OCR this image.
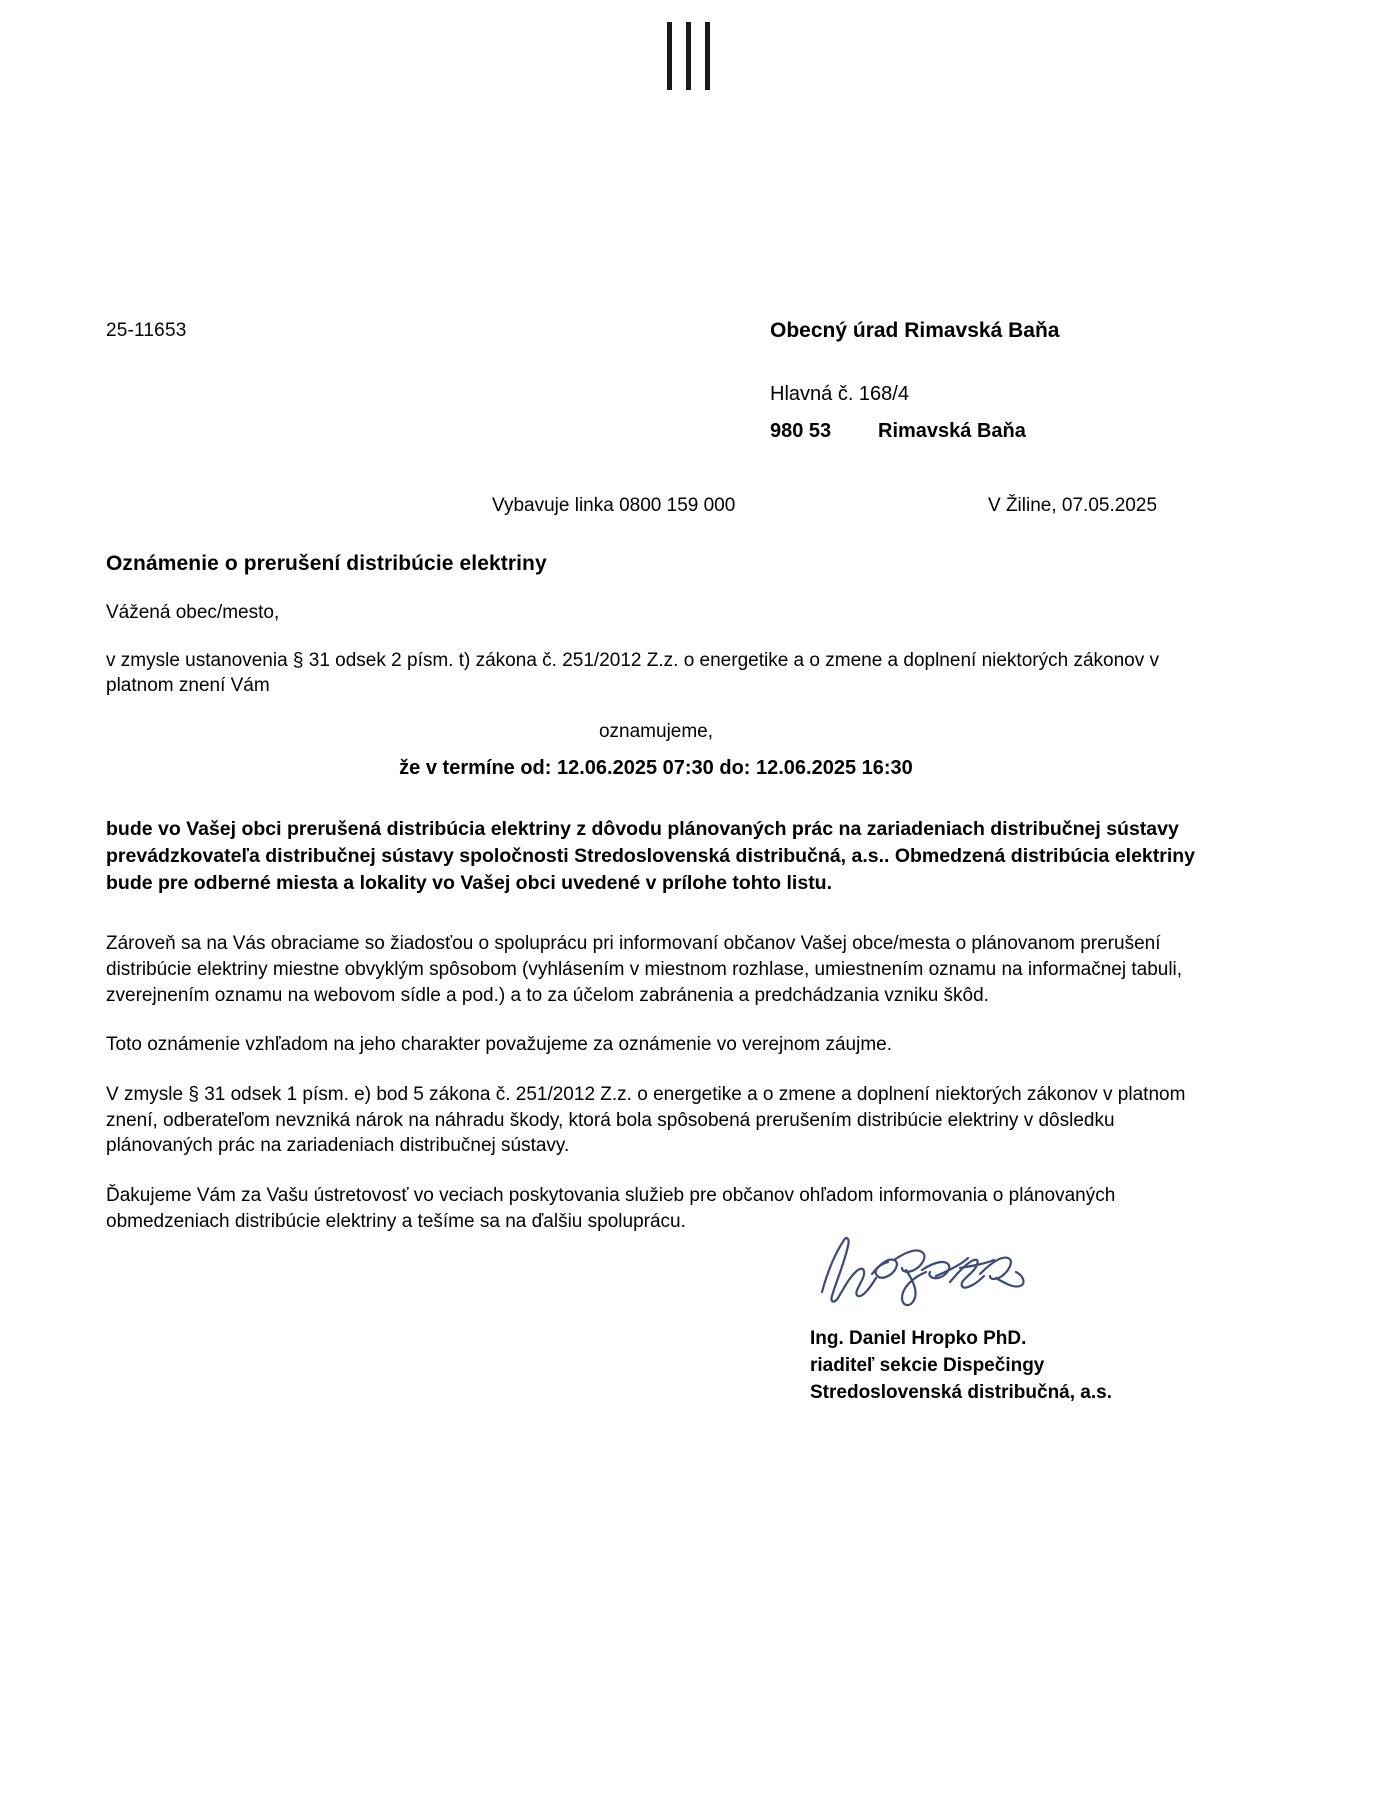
25-11653	Obecný úrad Rimavská Baňa
Hlavná č. 168/4
980 53 Rimavská Baňa
Vybavuje linka 0800 159 000	V Žiline, 07.05.2025
Oznámenie o prerušení distribúcie elektriny

Vážená obec/mesto,

v zmysle ustanovenia § 31 odsek 2 písm. t) zákona č. 251/2012 Z.z. o energetike a o zmene a doplnení niektorých zákonov v platnom znení Vám

oznamujeme,

že v termíne od: 12.06.2025 07:30 do: 12.06.2025 16:30

bude vo Vašej obci prerušená distribúcia elektriny z dôvodu plánovaných prác na zariadeniach distribučnej sústavy prevádzkovateľa distribučnej sústavy spoločnosti Stredoslovenská distribučná, a.s.. Obmedzená distribúcia elektriny bude pre odberné miesta a lokality vo Vašej obci uvedené v prílohe tohto listu.

Zároveň sa na Vás obraciame so žiadosťou o spoluprácu pri informovaní občanov Vašej obce/mesta o plánovanom prerušení distribúcie elektriny miestne obvyklým spôsobom (vyhlásením v miestnom rozhlase, umiestnením oznamu na informačnej tabuli, zverejnením oznamu na webovom sídle a pod.) a to za účelom zabránenia a predchádzania vzniku škôd.

Toto oznámenie vzhľadom na jeho charakter považujeme za oznámenie vo verejnom záujme.

V zmysle § 31 odsek 1 písm. e) bod 5 zákona č. 251/2012 Z.z. o energetike a o zmene a doplnení niektorých zákonov v platnom znení, odberateľom nevzniká nárok na náhradu škody, ktorá bola spôsobená prerušením distribúcie elektriny v dôsledku plánovaných prác na zariadeniach distribučnej sústavy.

Ďakujeme Vám za Vašu ústretovosť vo veciach poskytovania služieb pre občanov ohľadom informovania o plánovaných obmedzeniach distribúcie elektriny a tešíme sa na ďalšiu spoluprácu.

Ing. Daniel Hropko PhD.
riaditeľ sekcie Dispečingy
Stredoslovenská distribučná, a.s.
